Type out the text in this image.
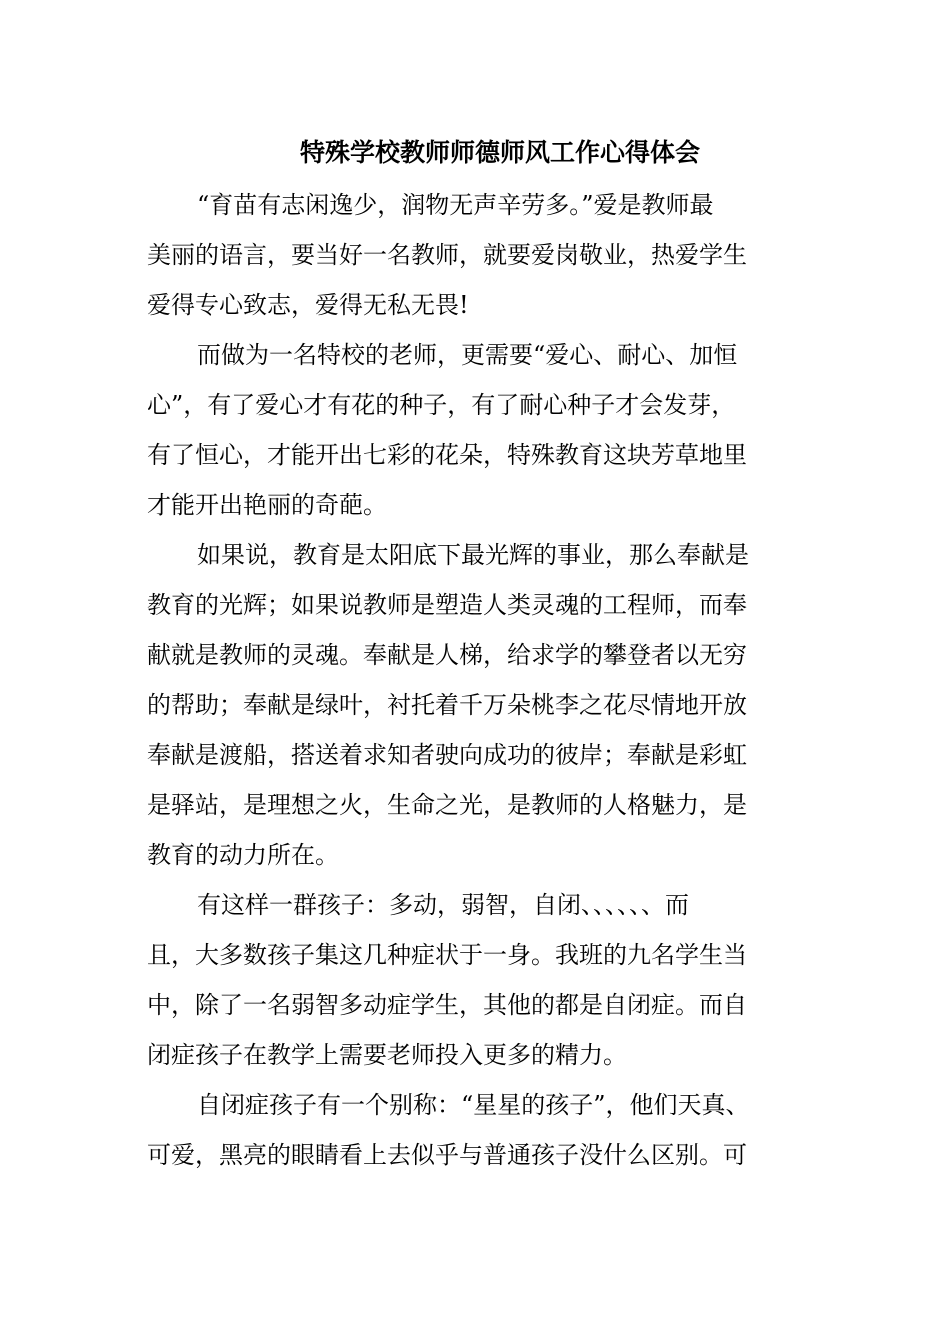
特殊学校教师师德师风工作心得体会
“育苗有志闲逸少，润物无声辛劳多。”爱是教师最
美丽的语言，要当好一名教师，就要爱岗敬业，热爱学生
爱得专心致志，爱得无私无畏!
而做为一名特校的老师，更需要“爱心、耐心、加恒
心”，有了爱心才有花的种子，有了耐心种子才会发芽，
有了恒心，才能开出七彩的花朵，特殊教育这块芳草地里
才能开出艳丽的奇葩。
如果说，教育是太阳底下最光辉的事业，那么奉献是
教育的光辉；如果说教师是塑造人类灵魂的工程师，而奉
献就是教师的灵魂。奉献是人梯，给求学的攀登者以无穷
的帮助；奉献是绿叶，衬托着千万朵桃李之花尽情地开放
奉献是渡船，搭送着求知者驶向成功的彼岸；奉献是彩虹
是驿站，是理想之火，生命之光，是教师的人格魅力，是
教育的动力所在。
有这样一群孩子：多动，弱智，自闭、、、、、、而
且，大多数孩子集这几种症状于一身。我班的九名学生当
中，除了一名弱智多动症学生，其他的都是自闭症。而自
闭症孩子在教学上需要老师投入更多的精力。
自闭症孩子有一个别称：“星星的孩子”，他们天真、
可爱，黑亮的眼睛看上去似乎与普通孩子没什么区别。可
